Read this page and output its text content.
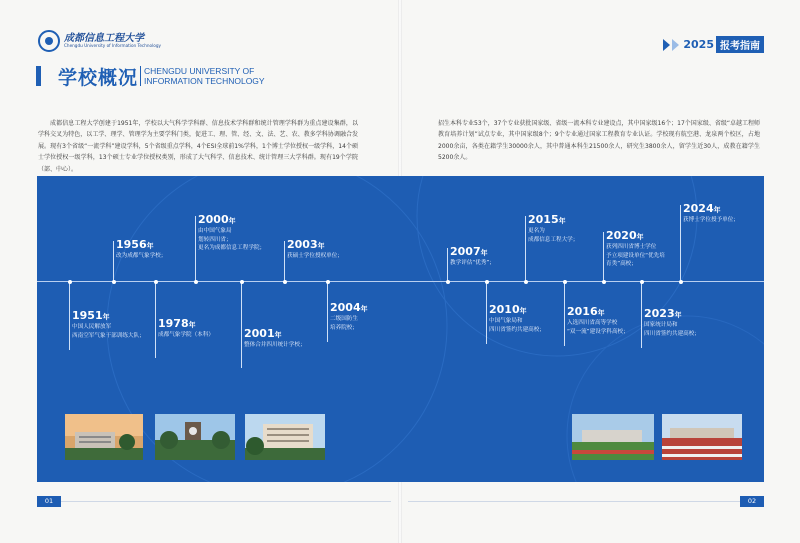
成都信息工程大学
Chengdu University of Information Technology	2025 报考指南
学校概况 CHENGDU UNIVERSITY OF
INFORMATION TECHNOLOGY
成都信息工程大学创建于1951年，学校以大气科学学科群、信息技术学科群和统计管理学科群为重点建设集群，以学科交叉为特色，以工学、理学、管理学为主要学科门类，促进工、理、管、经、文、法、艺、农、教多学科协调融合发展。现有3个省级“一流学科”建设学科，5个省级重点学科，4个ESI全球前1%学科，1个博士学位授权一级学科，14个硕士学位授权一级学科，13个硕士专业学位授权类别，形成了大气科学、信息技术、统计管理三大学科群。现有19个学院（部、中心）。
招生本科专业53个，37个专业获批国家级、省级一流本科专业建设点，其中国家级16个；17个国家级、省级“卓越工程师教育培养计划”试点专业，其中国家级8个；9个专业通过国家工程教育专业认证。学校现有航空港、龙泉两个校区，占地2000余亩，各类在籍学生30000余人，其中普通本科生21500余人，研究生3800余人，留学生近30人，成教在籍学生5200余人。
1951年
中国人民解放军
西南空军气象干部训练大队；
1956年
改为成都气象学校；
1978年
成都气象学院（本科）
2000年
由中国气象局
划转四川省；
更名为成都信息工程学院；
2001年
整体合并四川统计学校；
2003年
获硕士学位授权单位；
2004年
二级国防生
培养院校；
2007年
教学评估“优秀”；
2010年
中国气象局和
四川省签约共建高校；
2015年
更名为
成都信息工程大学；
2016年
入选四川省高等学校
“双一流”建设学科高校；
2020年
获列四川省博士学位
予立项建设单位“优先培
育类”高校；
2023年
国家统计局和
四川省签约共建高校；
2024年
获博士学位授予单位；
01	02
